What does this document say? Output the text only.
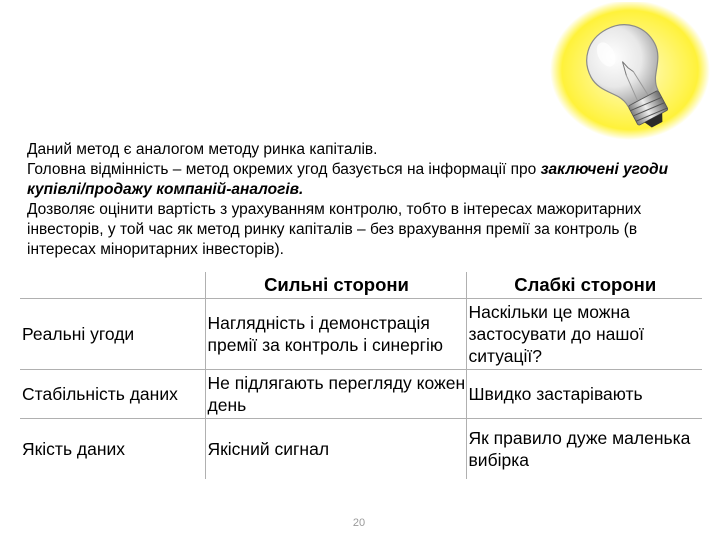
Даний метод є аналогом методу ринка капіталів.

Головна відмінність – метод окремих угод базується на інформації про заключені угоди купівлі/продажу компаній-аналогів.

Дозволяє оцінити вартість з урахуванням контролю, тобто в інтересах мажоритарних інвесторів, у той час як метод ринку капіталів – без врахування премії за контроль (в інтересах міноритарних інвесторів).

	Сильні сторони	Слабкі сторони
Реальні угоди	Наглядність і демонстрація премії за контроль і синергію	Наскільки це можна застосувати до нашої ситуації?
Стабільність даних	Не підлягають перегляду кожен день	Швидко застарівають
Якість даних	Якісний сигнал	Як правило дуже маленька вибірка
20
